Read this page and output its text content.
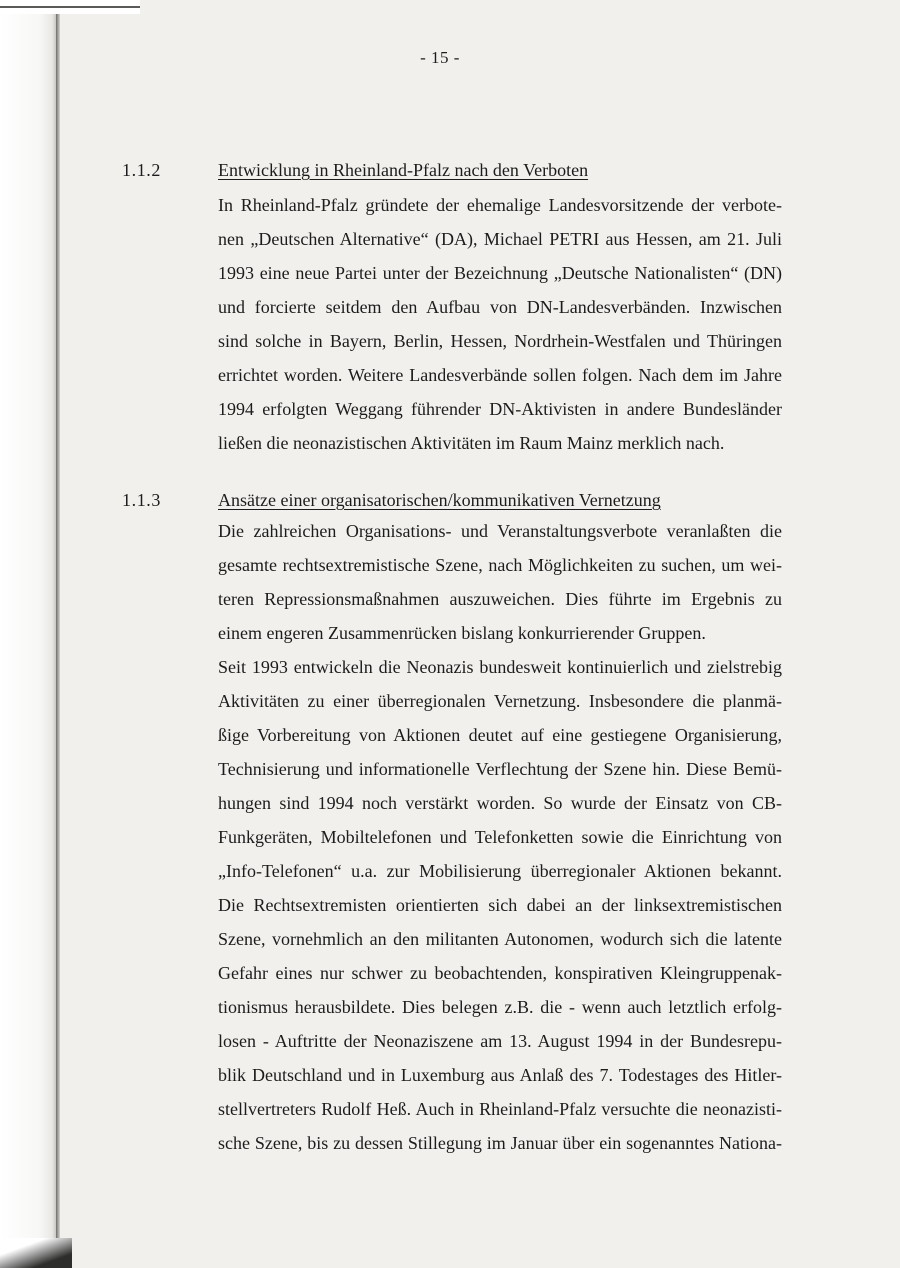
- 15 -
1.1.2	Entwicklung in Rheinland-Pfalz nach den Verboten
In Rheinland-Pfalz gründete der ehemalige Landesvorsitzende der verbote-
nen „Deutschen Alternative“ (DA), Michael PETRI aus Hessen, am 21. Juli
1993 eine neue Partei unter der Bezeichnung „Deutsche Nationalisten“ (DN)
und forcierte seitdem den Aufbau von DN-Landesverbänden. Inzwischen
sind solche in Bayern, Berlin, Hessen, Nordrhein-Westfalen und Thüringen
errichtet worden. Weitere Landesverbände sollen folgen. Nach dem im Jahre
1994 erfolgten Weggang führender DN-Aktivisten in andere Bundesländer
ließen die neonazistischen Aktivitäten im Raum Mainz merklich nach.
1.1.3	Ansätze einer organisatorischen/kommunikativen Vernetzung
Die zahlreichen Organisations- und Veranstaltungsverbote veranlaßten die
gesamte rechtsextremistische Szene, nach Möglichkeiten zu suchen, um wei-
teren Repressionsmaßnahmen auszuweichen. Dies führte im Ergebnis zu
einem engeren Zusammenrücken bislang konkurrierender Gruppen.
Seit 1993 entwickeln die Neonazis bundesweit kontinuierlich und zielstrebig
Aktivitäten zu einer überregionalen Vernetzung. Insbesondere die planmä-
ßige Vorbereitung von Aktionen deutet auf eine gestiegene Organisierung,
Technisierung und informationelle Verflechtung der Szene hin. Diese Bemü-
hungen sind 1994 noch verstärkt worden. So wurde der Einsatz von CB-
Funkgeräten, Mobiltelefonen und Telefonketten sowie die Einrichtung von
„Info-Telefonen“ u.a. zur Mobilisierung überregionaler Aktionen bekannt.
Die Rechtsextremisten orientierten sich dabei an der linksextremistischen
Szene, vornehmlich an den militanten Autonomen, wodurch sich die latente
Gefahr eines nur schwer zu beobachtenden, konspirativen Kleingruppenak-
tionismus herausbildete. Dies belegen z.B. die - wenn auch letztlich erfolg-
losen - Auftritte der Neonaziszene am 13. August 1994 in der Bundesrepu-
blik Deutschland und in Luxemburg aus Anlaß des 7. Todestages des Hitler-
stellvertreters Rudolf Heß. Auch in Rheinland-Pfalz versuchte die neonazisti-
sche Szene, bis zu dessen Stillegung im Januar über ein sogenanntes Nationa-
